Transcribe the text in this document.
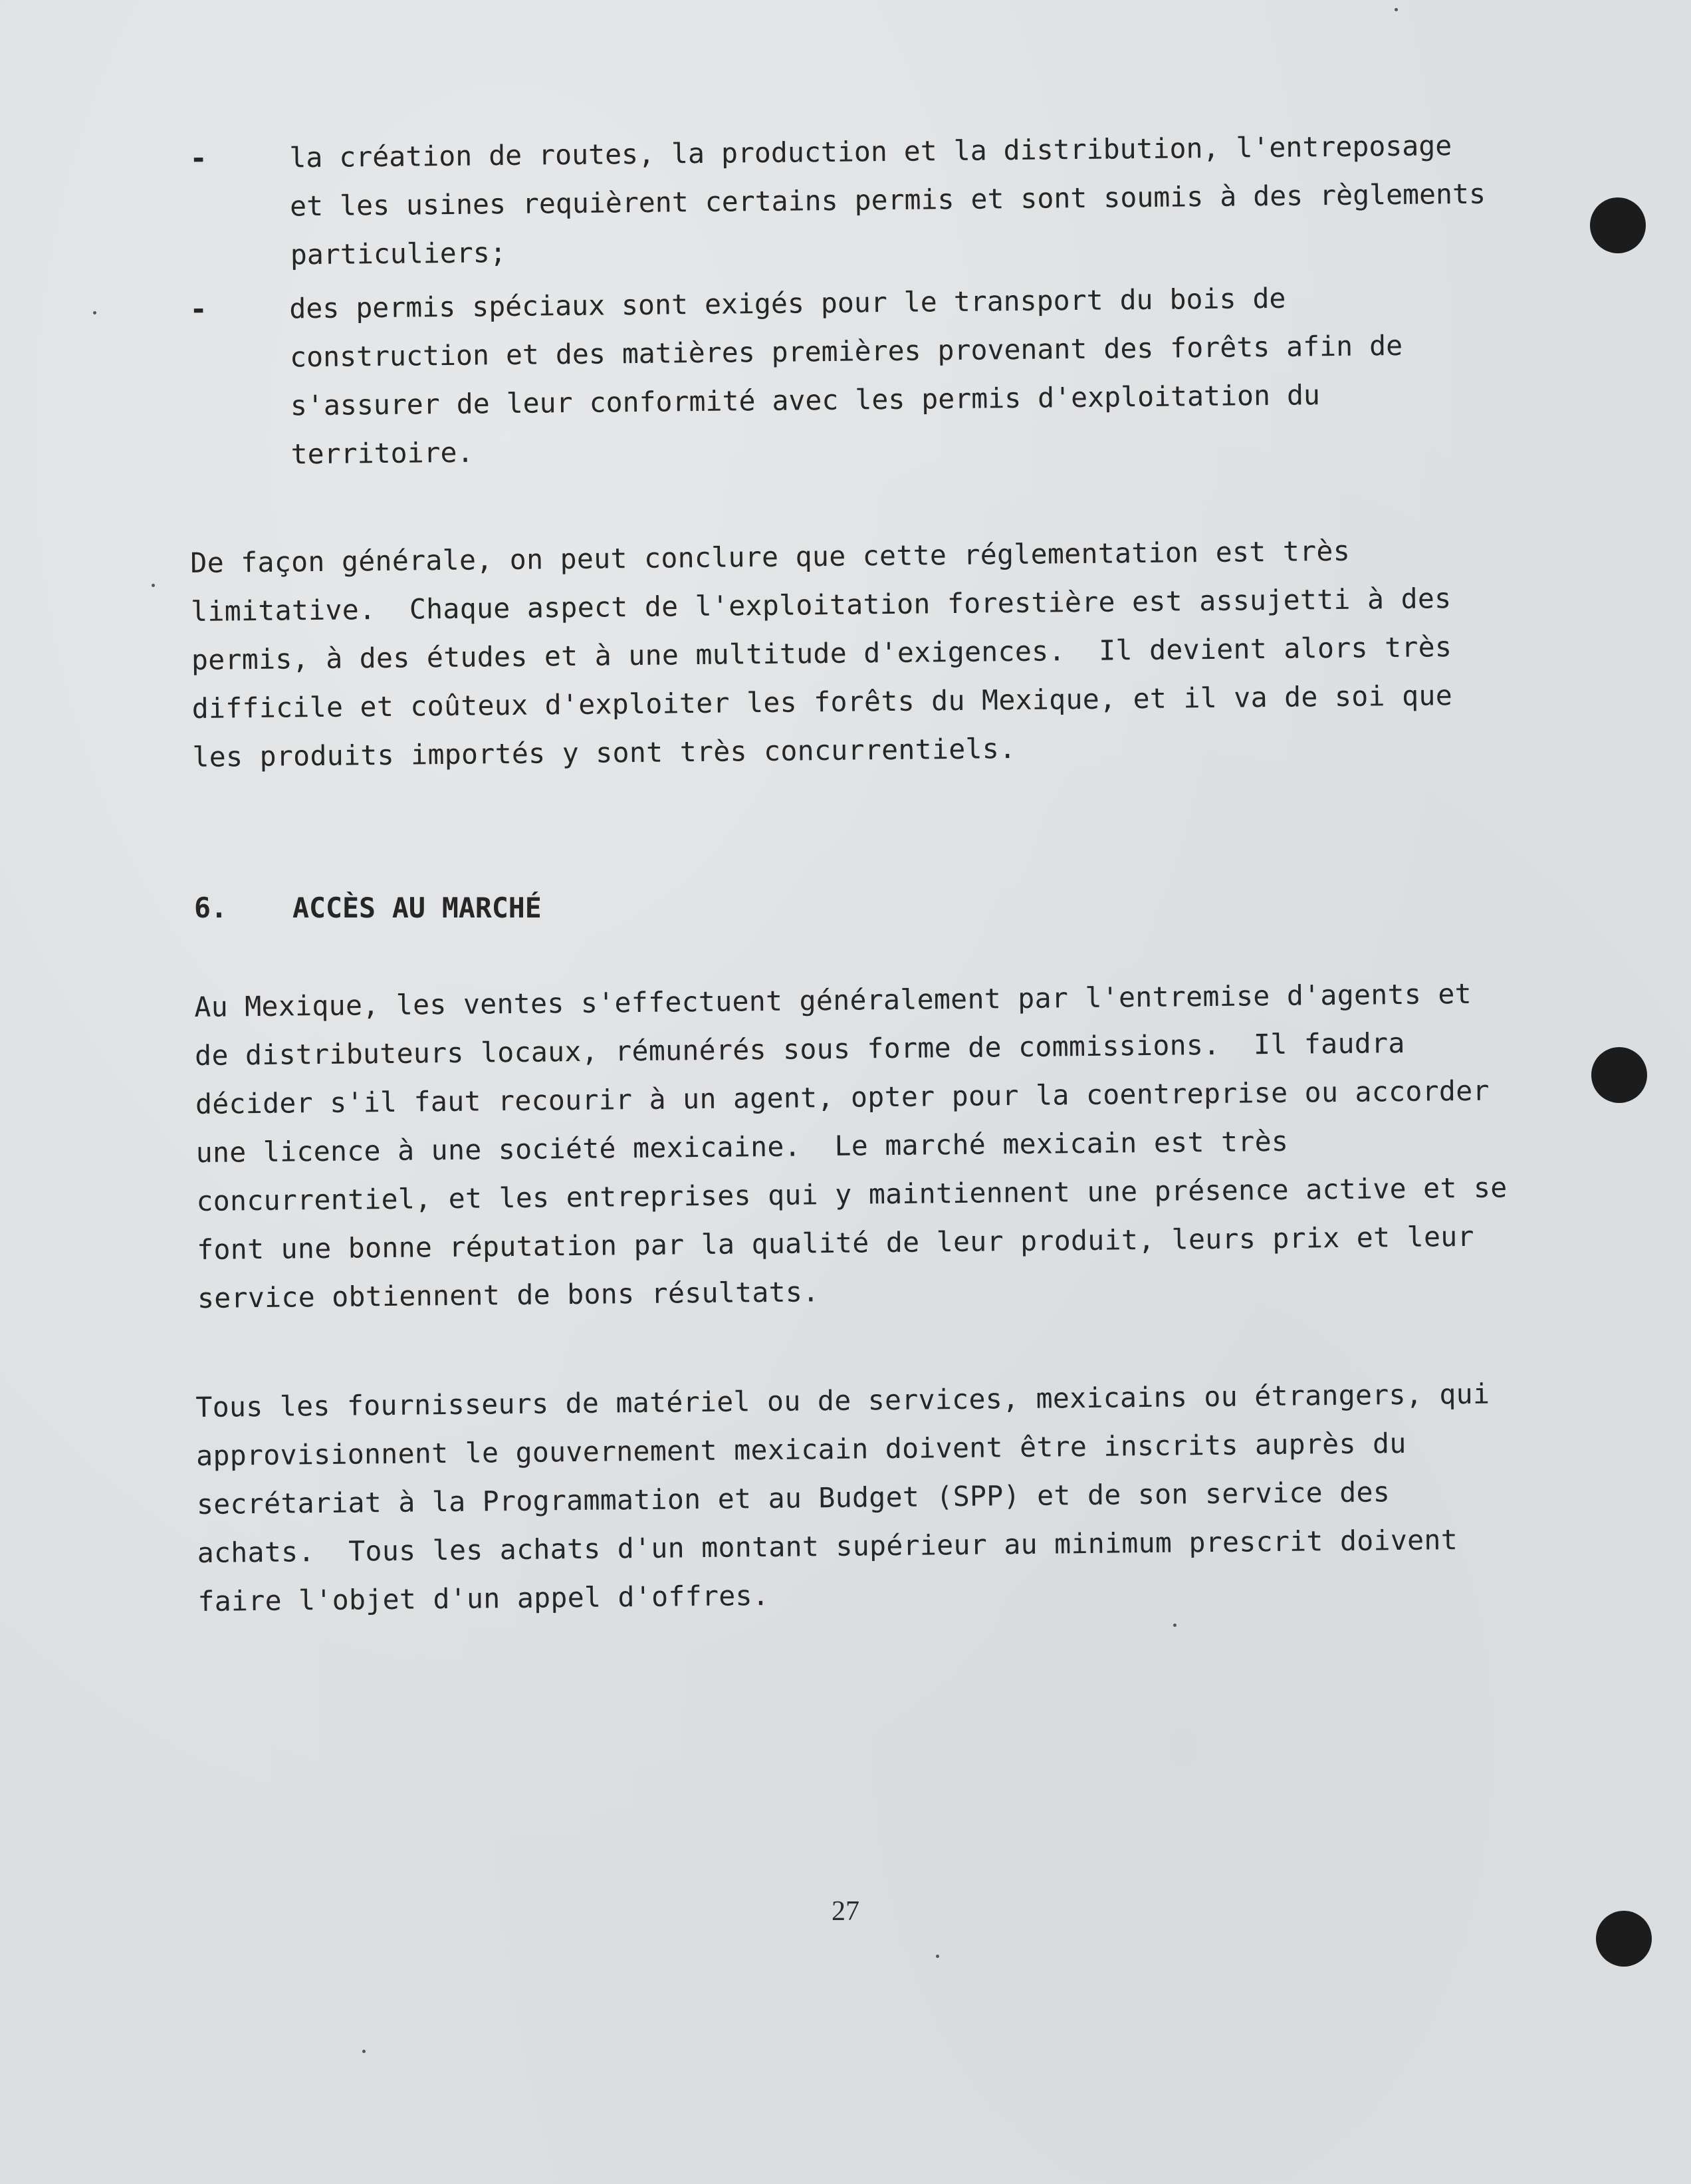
-	la création de routes, la production et la distribution, l'entreposage
et les usines requièrent certains permis et sont soumis à des règlements
particuliers;
-	des permis spéciaux sont exigés pour le transport du bois de
construction et des matières premières provenant des forêts afin de
s'assurer de leur conformité avec les permis d'exploitation du
territoire.
De façon générale, on peut conclure que cette réglementation est très
limitative.  Chaque aspect de l'exploitation forestière est assujetti à des
permis, à des études et à une multitude d'exigences.  Il devient alors très
difficile et coûteux d'exploiter les forêts du Mexique, et il va de soi que
les produits importés y sont très concurrentiels.
6. ACCÈS AU MARCHÉ
Au Mexique, les ventes s'effectuent généralement par l'entremise d'agents et
de distributeurs locaux, rémunérés sous forme de commissions.  Il faudra
décider s'il faut recourir à un agent, opter pour la coentreprise ou accorder
une licence à une société mexicaine.  Le marché mexicain est très
concurrentiel, et les entreprises qui y maintiennent une présence active et se
font une bonne réputation par la qualité de leur produit, leurs prix et leur
service obtiennent de bons résultats.
Tous les fournisseurs de matériel ou de services, mexicains ou étrangers, qui
approvisionnent le gouvernement mexicain doivent être inscrits auprès du
secrétariat à la Programmation et au Budget (SPP) et de son service des
achats.  Tous les achats d'un montant supérieur au minimum prescrit doivent
faire l'objet d'un appel d'offres.
27
